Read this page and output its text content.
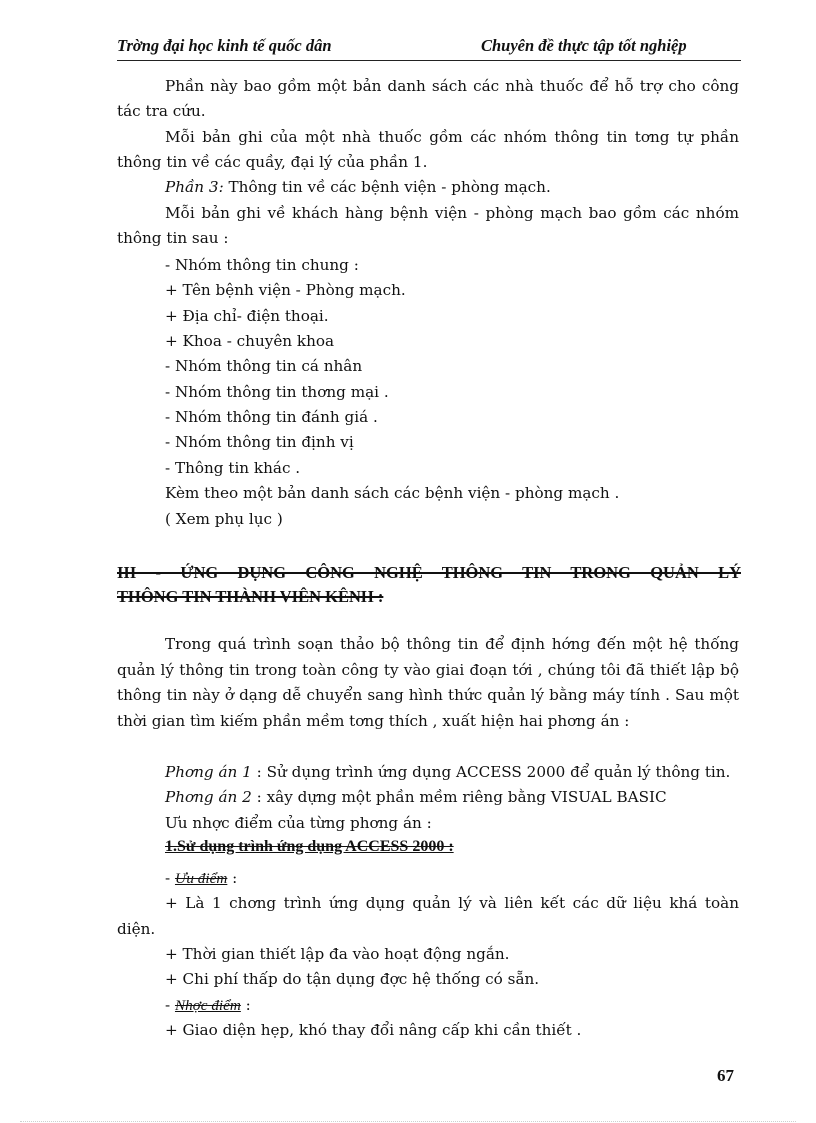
Trờng đại học kinh tế quốc dân	Chuyên đề thực tập tốt nghiệp
Phần này bao gồm một bản danh sách các nhà thuốc để hỗ trợ cho công
tác tra cứu.
Mỗi bản ghi của một nhà thuốc gồm các nhóm thông tin tơng tự phần
thông tin về các quầy, đại lý của phần 1.
Phần 3: Thông tin về các bệnh viện - phòng mạch.
Mỗi bản ghi về khách hàng bệnh viện - phòng mạch bao gồm các nhóm
thông tin sau :
- Nhóm thông tin chung :
+ Tên bệnh viện - Phòng mạch.
+ Địa chỉ- điện thoại.
+ Khoa - chuyên khoa
- Nhóm thông tin cá nhân
- Nhóm thông tin thơng mại .
- Nhóm thông tin đánh giá .
- Nhóm thông tin định vị
- Thông tin khác .
Kèm theo một bản danh sách các bệnh viện - phòng mạch .
( Xem phụ lục )
III - ỨNG DỤNG CÔNG NGHỆ THÔNG TIN TRONG QUẢN LÝ
THÔNG TIN THÀNH VIÊN KÊNH :
Trong quá trình soạn thảo bộ thông tin để định hớng đến một hệ thống
quản lý thông tin trong toàn công ty vào giai đoạn tới , chúng tôi đã thiết lập bộ
thông tin này ở dạng dễ chuyển sang hình thức quản lý bằng máy tính . Sau một
thời gian tìm kiếm phần mềm tơng thích , xuất hiện hai phơng án :
Phơng án 1 : Sử dụng trình ứng dụng ACCESS 2000 để quản lý thông tin.
Phơng án 2 : xây dựng một phần mềm riêng bằng VISUAL BASIC
Ưu nhợc điểm của từng phơng án :
1.Sử dụng trình ứng dụng ACCESS 2000 :
- Ưu điểm :
+ Là 1 chơng trình ứng dụng quản lý và liên kết các dữ liệu khá toàn
diện.
+ Thời gian thiết lập đa vào hoạt động ngắn.
+ Chi phí thấp do tận dụng đợc hệ thống có sẵn.
- Nhợc điểm :
+ Giao diện hẹp, khó thay đổi nâng cấp khi cần thiết .
67
